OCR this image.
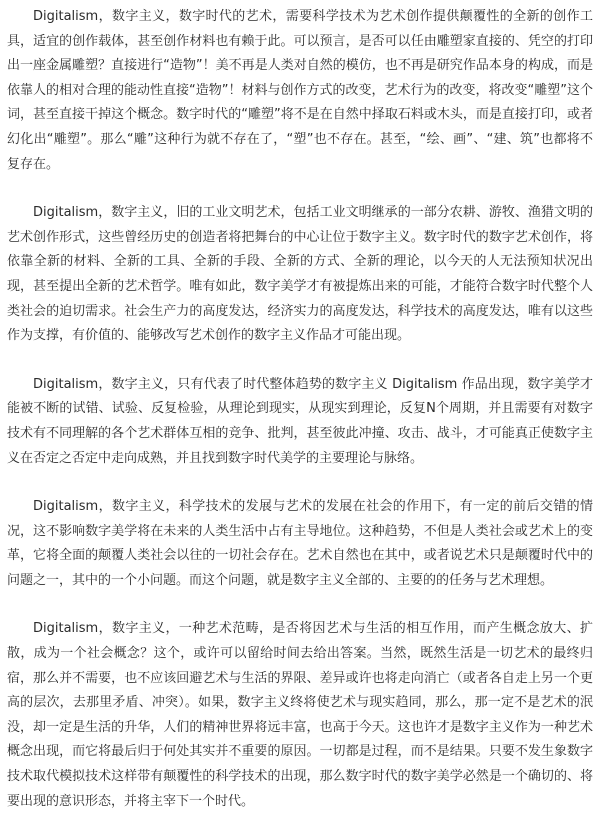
Digitalism，数字主义，数字时代的艺术，需要科学技术为艺术创作提供颠覆性的全新的创作工具，适宜的创作载体，甚至创作材料也有赖于此。可以预言，是否可以任由雕塑家直接的、凭空的打印出一座金属雕塑？直接进行“造物”！美不再是人类对自然的模仿，也不再是研究作品本身的构成，而是依靠人的相对合理的能动性直接“造物”！材料与创作方式的改变，艺术行为的改变，将改变“雕塑”这个词，甚至直接干掉这个概念。数字时代的“雕塑”将不是在自然中择取石料或木头，而是直接打印，或者幻化出“雕塑”。那么“雕”这种行为就不存在了，“塑”也不存在。甚至，“绘、画”、“建、筑”也都将不复存在。

Digitalism，数字主义，旧的工业文明艺术，包括工业文明继承的一部分农耕、游牧、渔猎文明的艺术创作形式，这些曾经历史的创造者将把舞台的中心让位于数字主义。数字时代的数字艺术创作，将依靠全新的材料、全新的工具、全新的手段、全新的方式、全新的理论，以今天的人无法预知状况出现，甚至提出全新的艺术哲学。唯有如此，数字美学才有被提炼出来的可能，才能符合数字时代整个人类社会的迫切需求。社会生产力的高度发达，经济实力的高度发达，科学技术的高度发达，唯有以这些作为支撑，有价值的、能够改写艺术创作的数字主义作品才可能出现。

Digitalism，数字主义，只有代表了时代整体趋势的数字主义 Digitalism 作品出现，数字美学才能被不断的试错、试验、反复检验，从理论到现实，从现实到理论，反复N个周期，并且需要有对数字技术有不同理解的各个艺术群体互相的竞争、批判，甚至彼此冲撞、攻击、战斗，才可能真正使数字主义在否定之否定中走向成熟，并且找到数字时代美学的主要理论与脉络。

Digitalism，数字主义，科学技术的发展与艺术的发展在社会的作用下，有一定的前后交错的情况，这不影响数字美学将在未来的人类生活中占有主导地位。这种趋势，不但是人类社会或艺术上的变革，它将全面的颠覆人类社会以往的一切社会存在。艺术自然也在其中，或者说艺术只是颠覆时代中的问题之一，其中的一个小问题。而这个问题，就是数字主义全部的、主要的的任务与艺术理想。

Digitalism，数字主义，一种艺术范畴，是否将因艺术与生活的相互作用，而产生概念放大、扩散，成为一个社会概念？这个，或许可以留给时间去给出答案。当然，既然生活是一切艺术的最终归宿，那么并不需要，也不应该回避艺术与生活的界限、差异或许也将走向消亡（或者各自走上另一个更高的层次，去那里矛盾、冲突）。如果，数字主义终将使艺术与现实趋同，那么，那一定不是艺术的泯没，却一定是生活的升华，人们的精神世界将远丰富，也高于今天。这也许才是数字主义作为一种艺术概念出现，而它将最后归于何处其实并不重要的原因。一切都是过程，而不是结果。只要不发生象数字技术取代模拟技术这样带有颠覆性的科学技术的出现，那么数字时代的数字美学必然是一个确切的、将要出现的意识形态，并将主宰下一个时代。
